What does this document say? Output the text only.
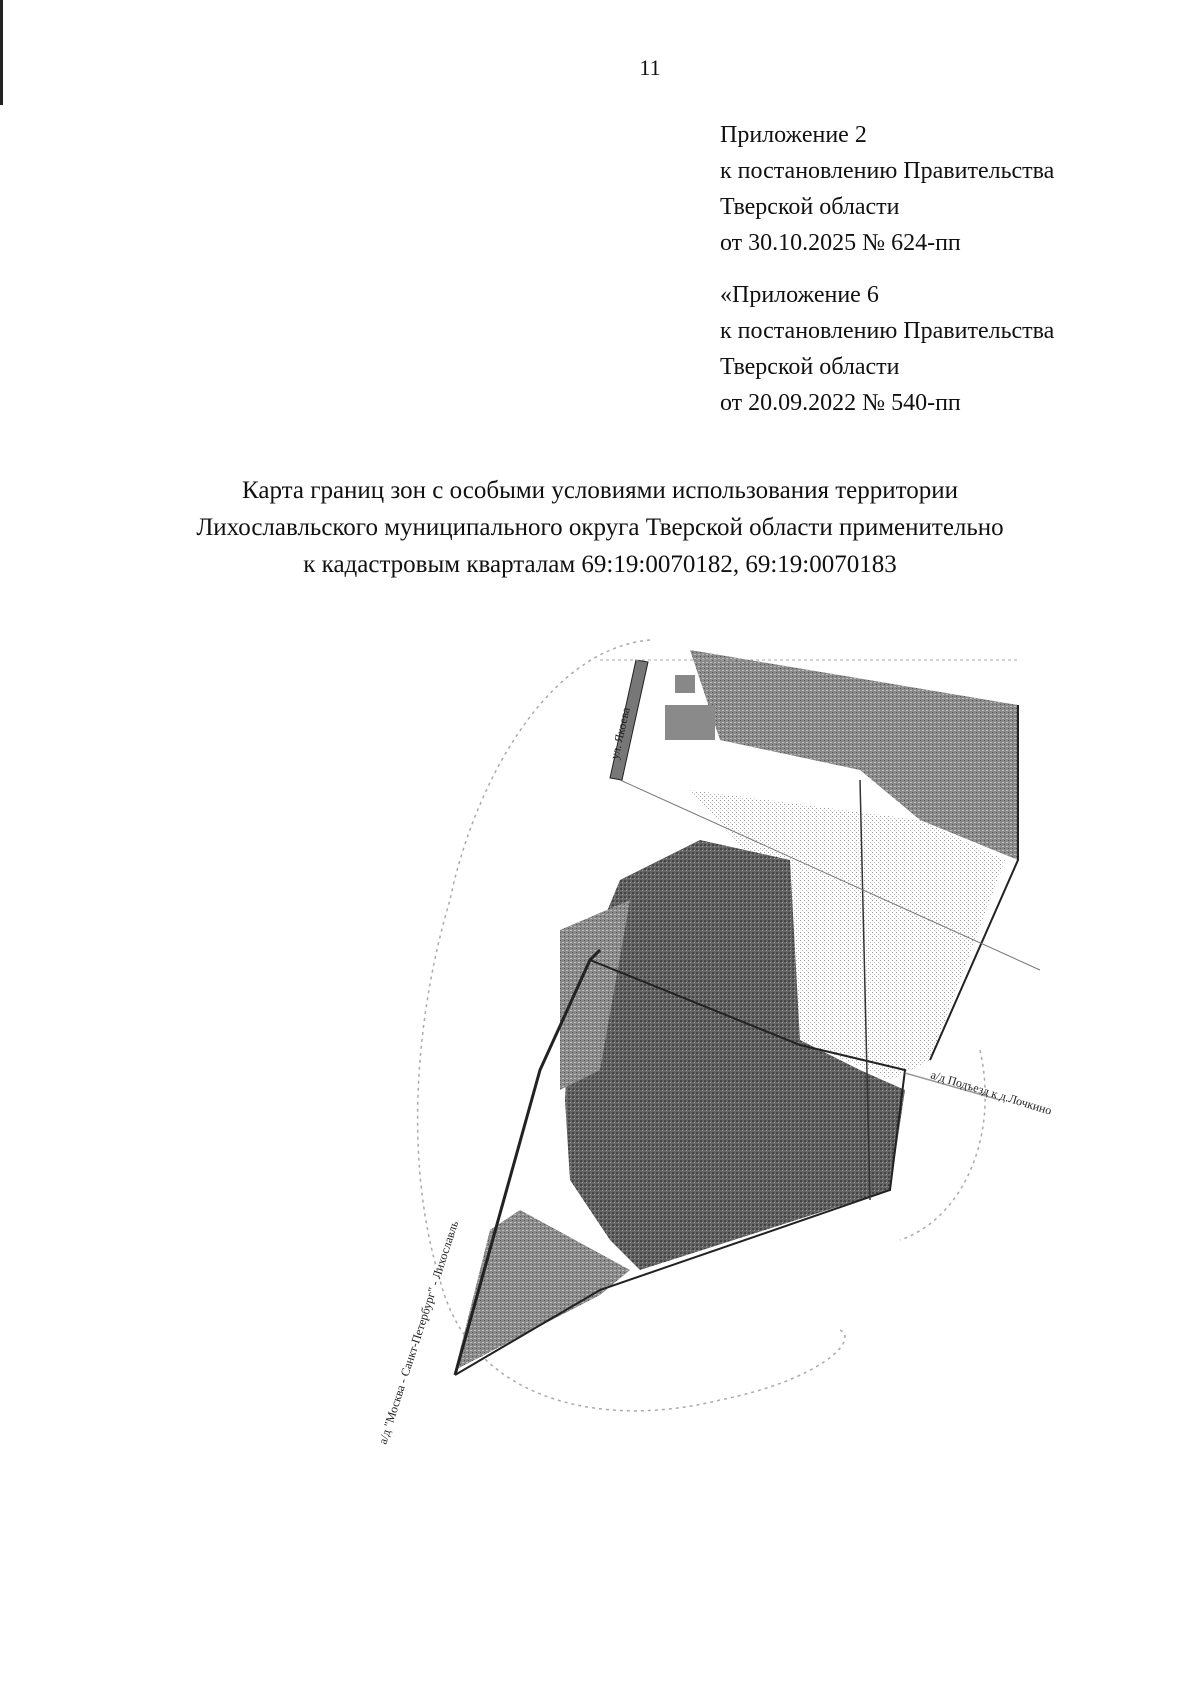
11
Приложение 2
к постановлению Правительства
Тверской области
от 30.10.2025 № 624-пп
«Приложение 6
к постановлению Правительства
Тверской области
от 20.09.2022 № 540-пп
Карта границ зон с особыми условиями использования территории
Лихославльского муниципального округа Тверской области применительно
к кадастровым кварталам 69:19:0070182, 69:19:0070183
ул. Якоева
а/д Подъезд к д.Лочкино
а/д "Москва - Санкт-Петербург" - Лихославль
